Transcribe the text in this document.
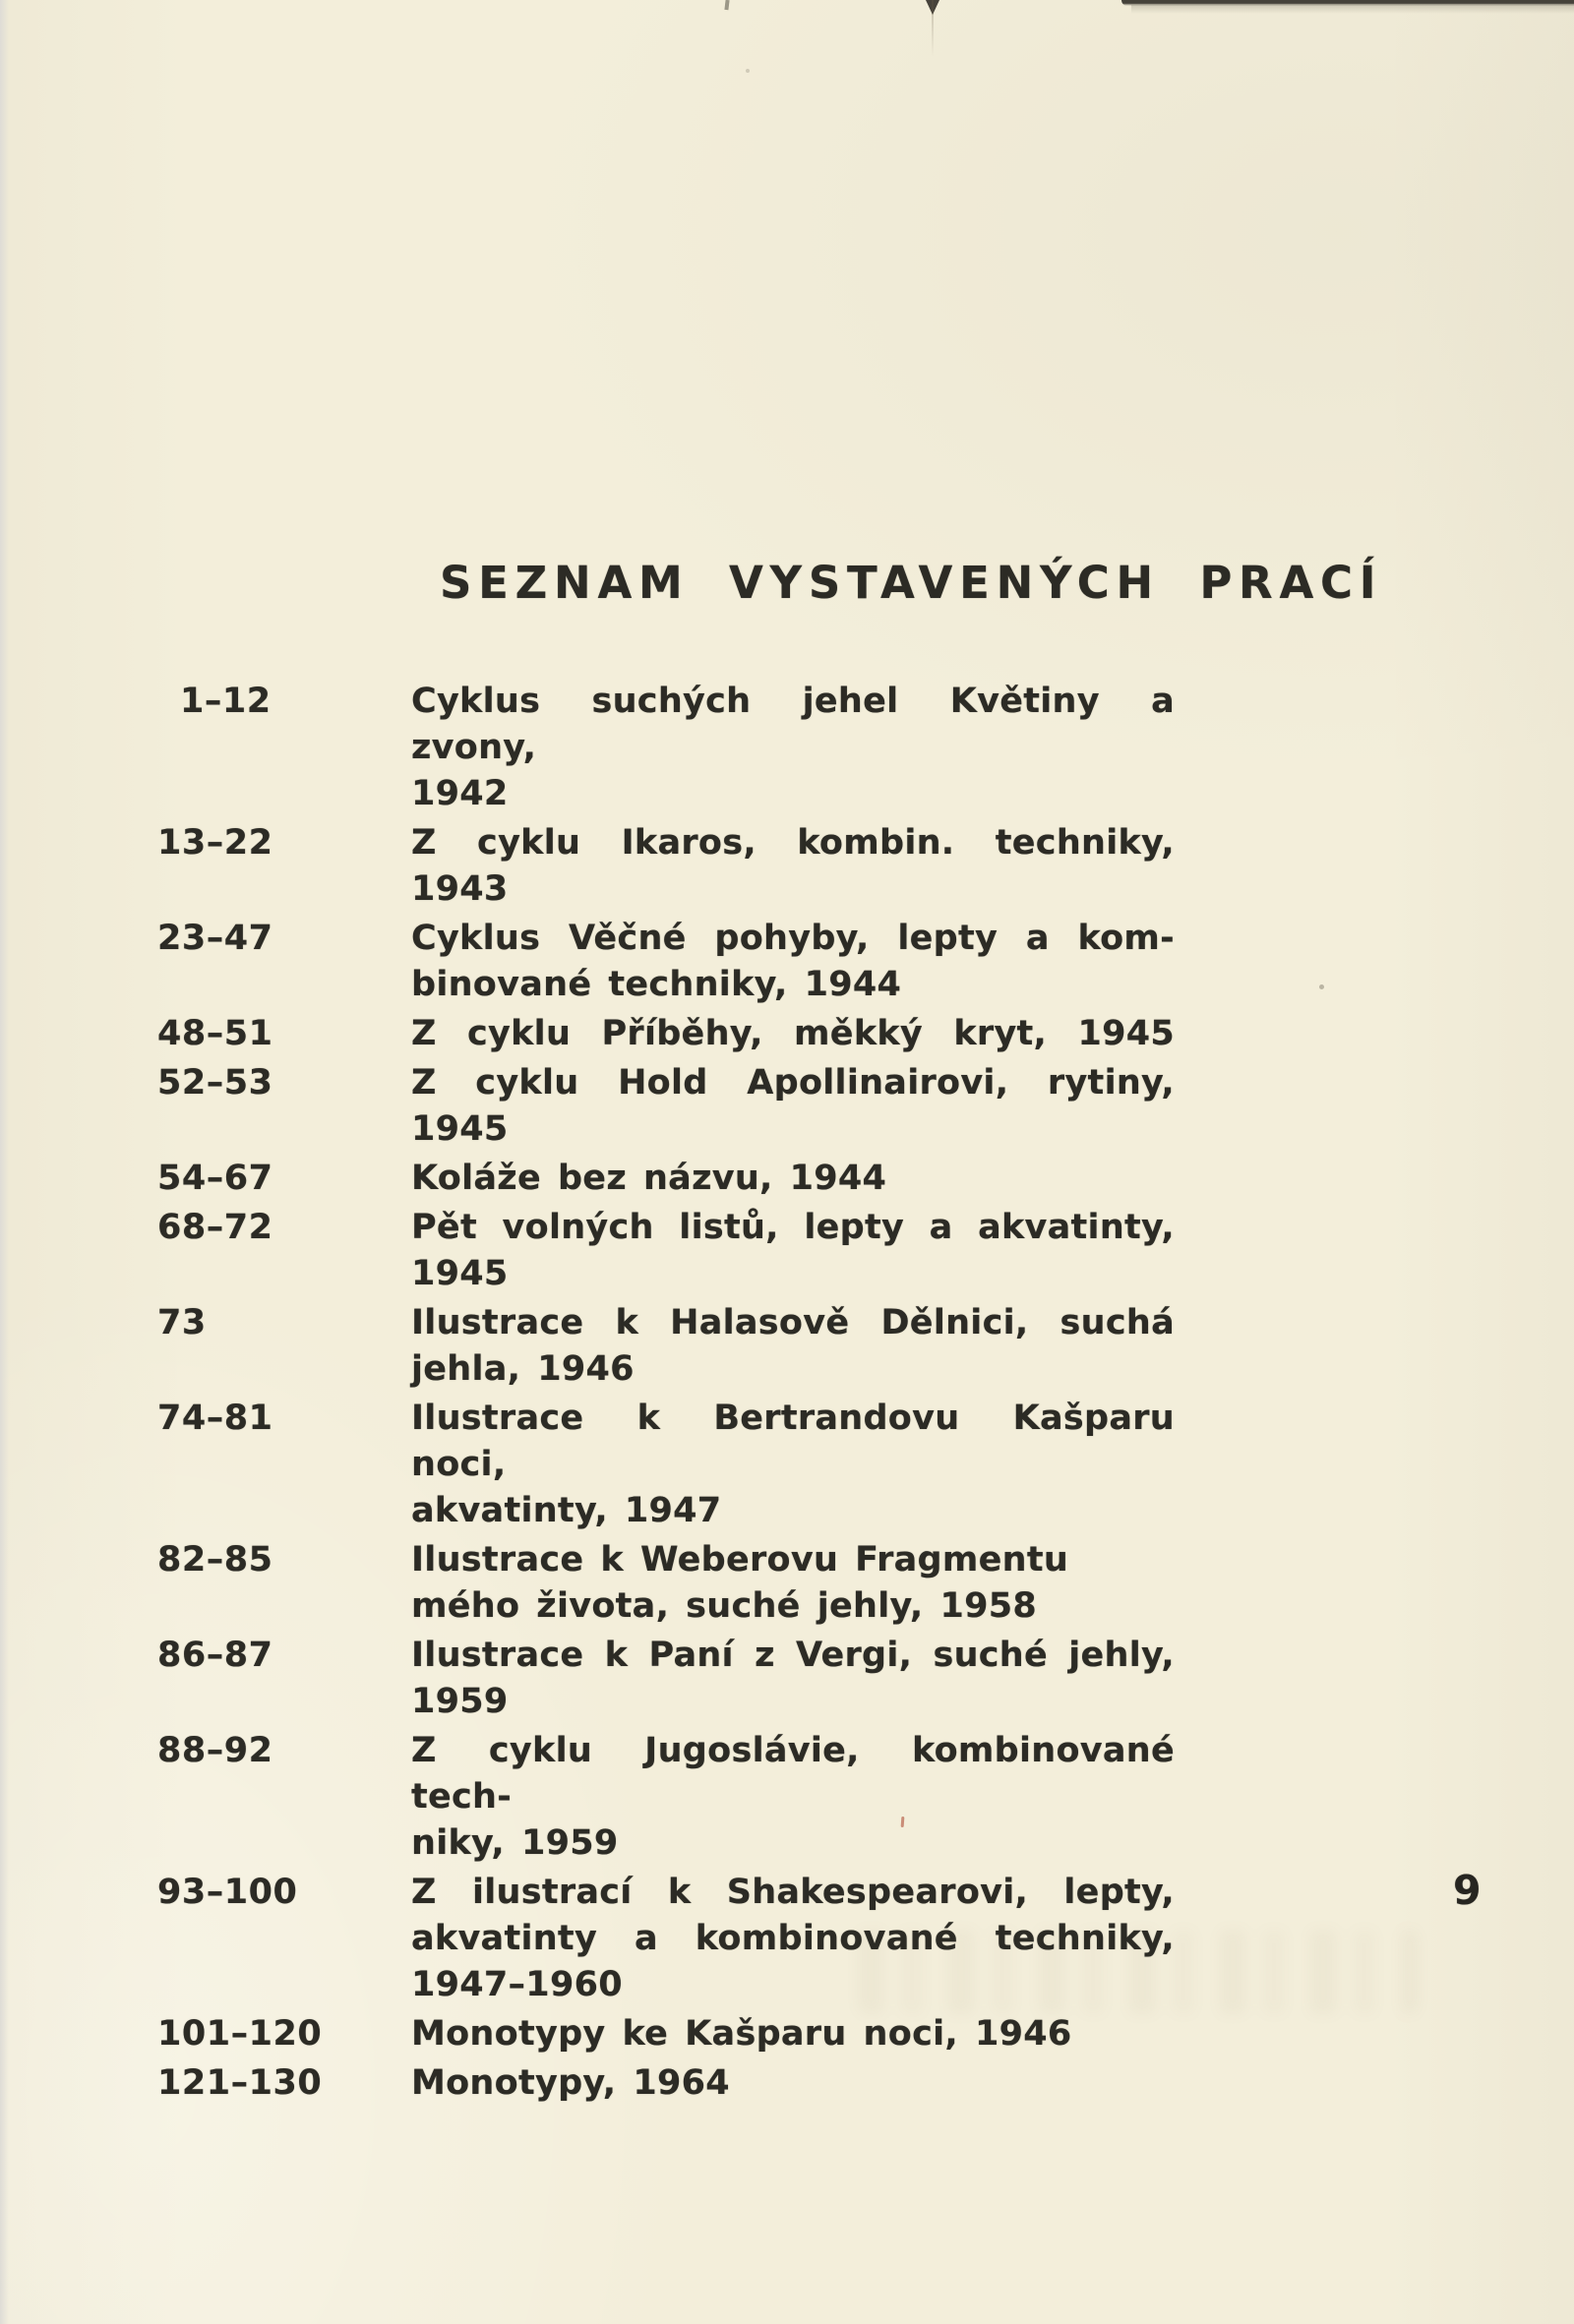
SEZNAM VYSTAVENÝCH PRACÍ
1–12	Cyklus suchých jehel Květiny a zvony,
1942
13–22	Z cyklu Ikaros, kombin. techniky, 1943
23–47	Cyklus Věčné pohyby, lepty a kom-
binované techniky, 1944
48–51	Z cyklu Příběhy, měkký kryt, 1945
52–53	Z cyklu Hold Apollinairovi, rytiny,
1945
54–67	Koláže bez názvu, 1944
68–72	Pět volných listů, lepty a akvatinty,
1945
73	Ilustrace k Halasově Dělnici, suchá
jehla, 1946
74–81	Ilustrace k Bertrandovu Kašparu noci,
akvatinty, 1947
82–85	Ilustrace k Weberovu Fragmentu
mého života, suché jehly, 1958
86–87	Ilustrace k Paní z Vergi, suché jehly,
1959
88–92	Z cyklu Jugoslávie, kombinované tech-
niky, 1959
93–100	Z ilustrací k Shakespearovi, lepty,
akvatinty a kombinované techniky,
1947–1960
101–120	Monotypy ke Kašparu noci, 1946
121–130	Monotypy, 1964
9
